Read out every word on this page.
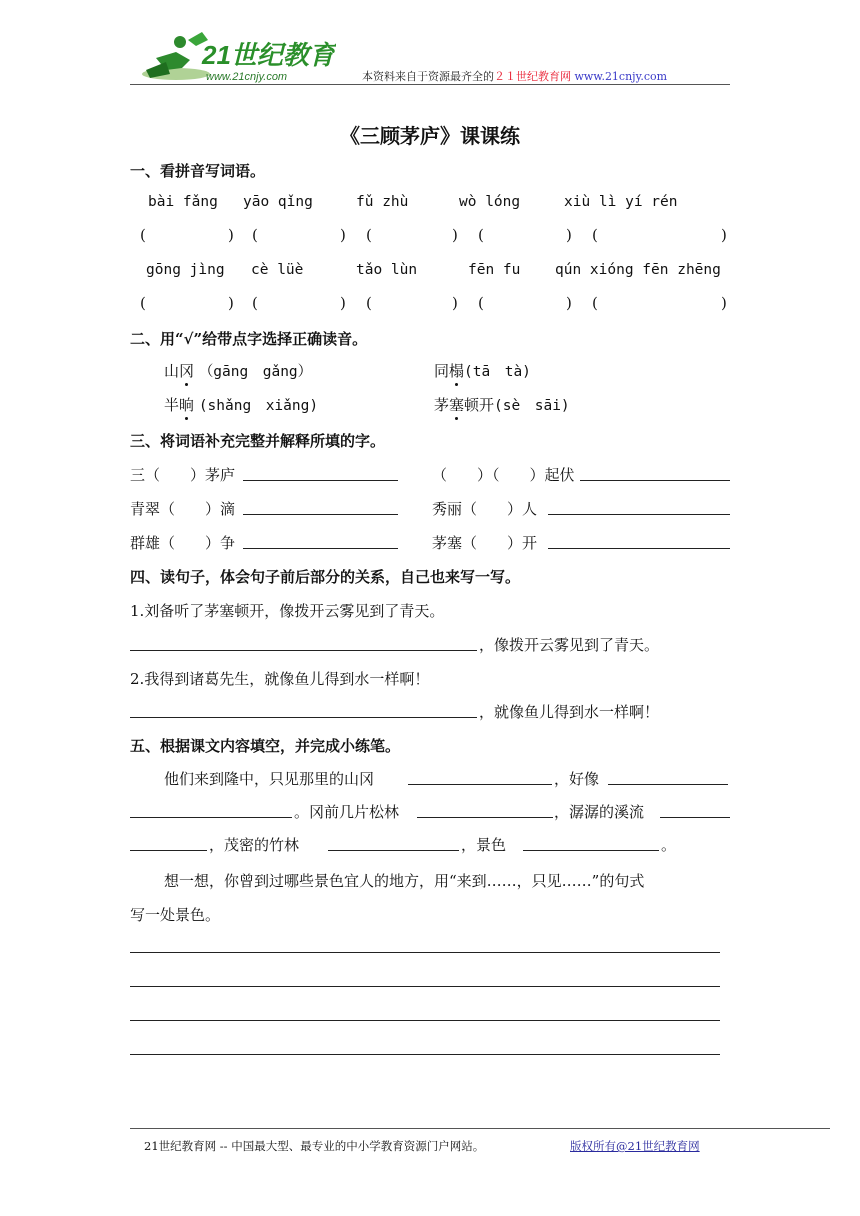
21世纪教育
www.21cnjy.com	本资料来自于资源最齐全的２１世纪教育网 www.21cnjy.com
《三顾茅庐》课课练
一、看拼音写词语。
bài fǎng yāo qǐng	fǔ zhù	wò lóng	xiù lì yí rén
(	) (	) (	) (	) (	)
gōng jìng cè lüè	tǎo lùn	fēn fu qún xióng fēn zhēng
(	) (	) (	) (	) (	)
二、用“√”给带点字选择正确读音。
山冈 （gāng　gǎng）	同榻(tā　tà)
半晌 (shǎng　xiǎng)	茅塞顿开(sè　sāi)
三、将词语补充完整并解释所填的字。
三（　　）茅庐	（　　）（　　）起伏
青翠（　　）滴	秀丽（　　）人
群雄（　　）争	茅塞（　　）开
四、读句子，体会句子前后部分的关系，自己也来写一写。
1.刘备听了茅塞顿开，像拨开云雾见到了青天。
，像拨开云雾见到了青天。
2.我得到诸葛先生，就像鱼儿得到水一样啊！
，就像鱼儿得到水一样啊！
五、根据课文内容填空，并完成小练笔。
他们来到隆中，只见那里的山冈	，好像
。冈前几片松林	，潺潺的溪流
，茂密的竹林	，景色	。
想一想，你曾到过哪些景色宜人的地方，用“来到……，只见……”的句式
写一处景色。
21世纪教育网 -- 中国最大型、最专业的中小学教育资源门户网站。	版权所有@21世纪教育网
